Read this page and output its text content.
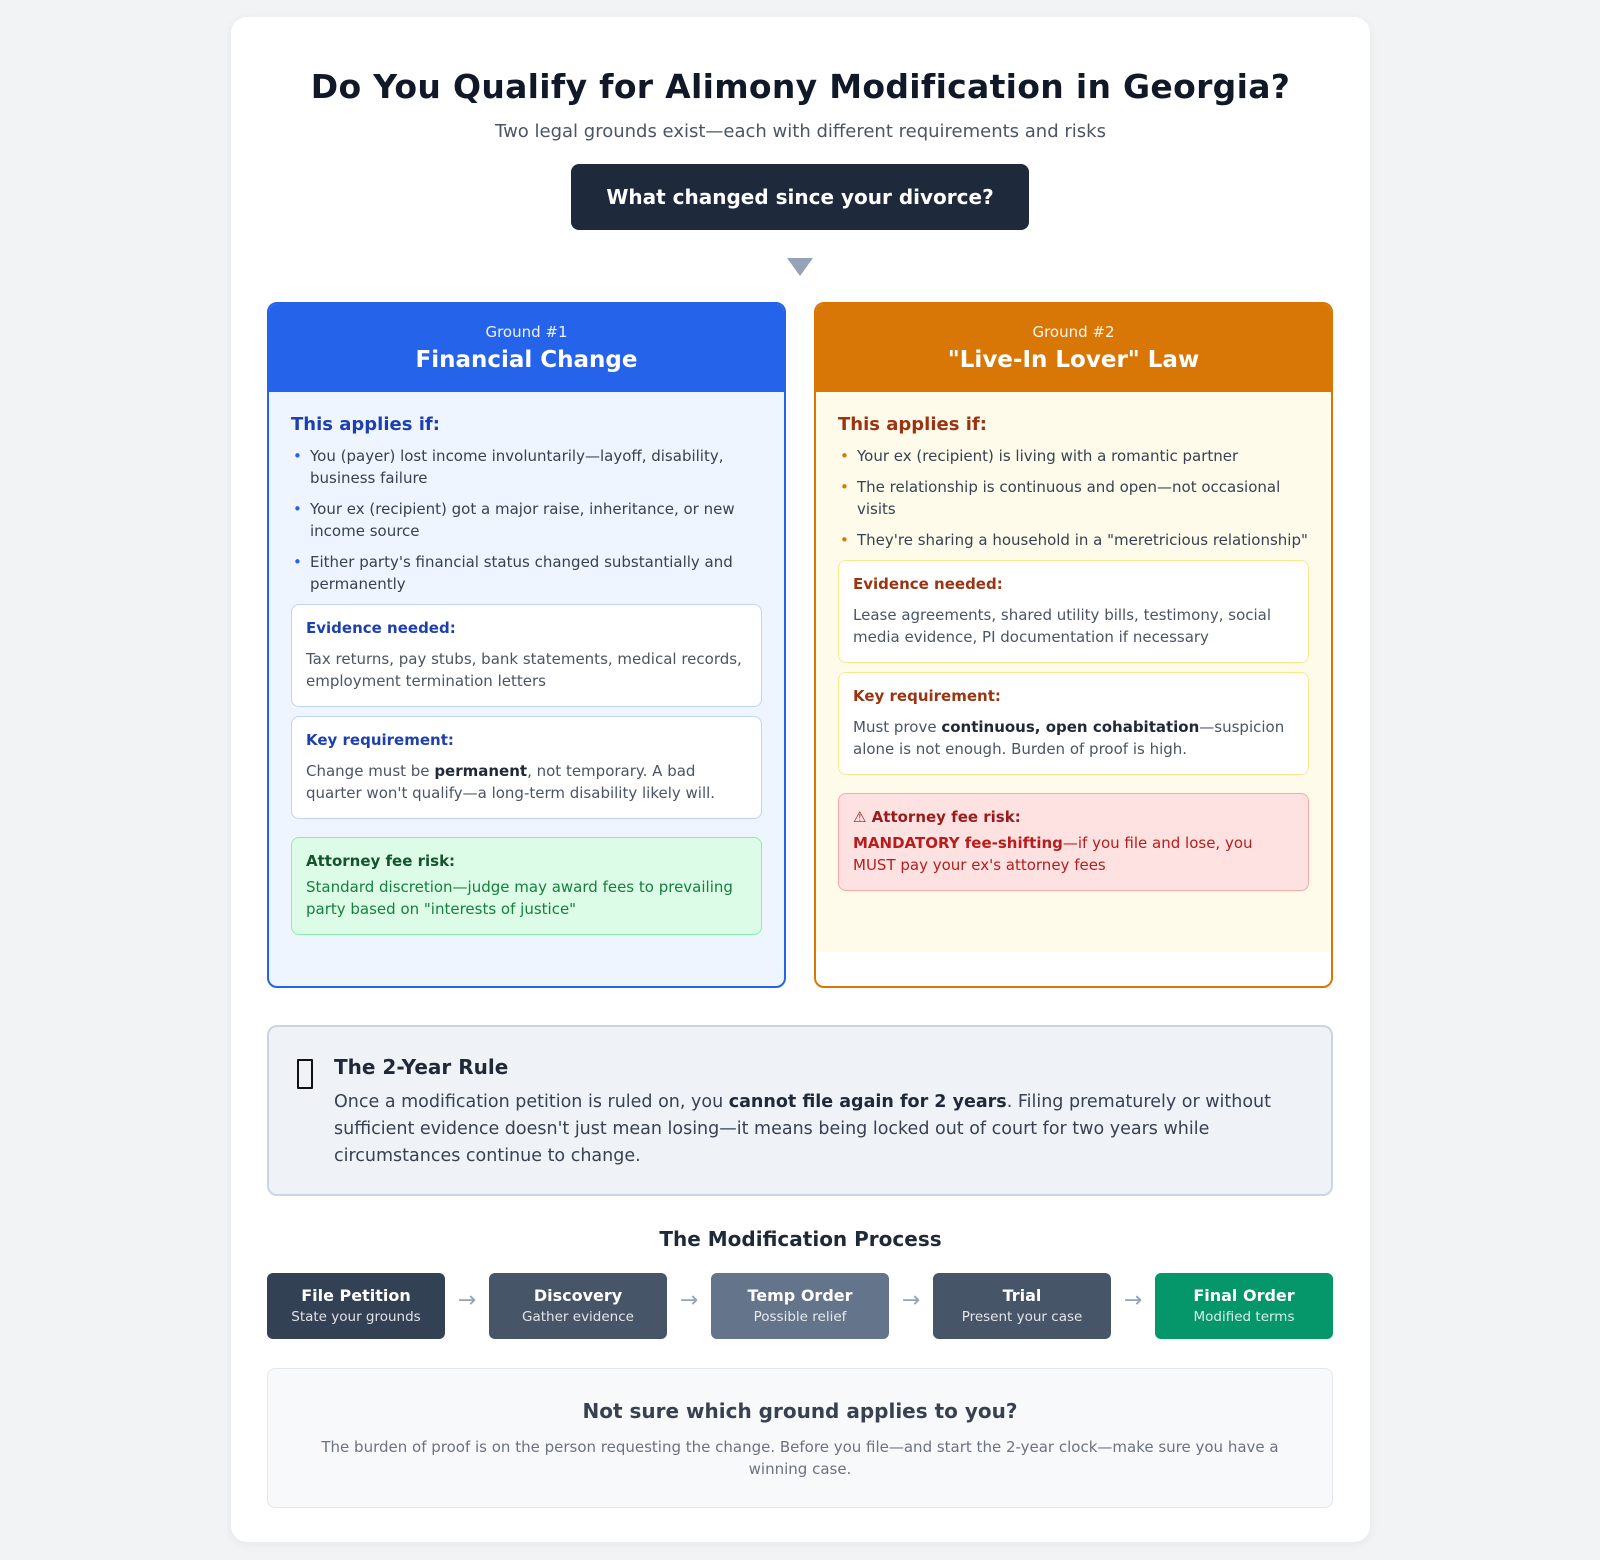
Do You Qualify for Alimony Modification in Georgia?
Two legal grounds exist—each with different requirements and risks
What changed since your divorce?
Ground #1
Financial Change
This applies if:
• You (payer) lost income involuntarily—layoff, disability, business failure
• Your ex (recipient) got a major raise, inheritance, or new income source
• Either party's financial status changed substantially and permanently
Evidence needed:
Tax returns, pay stubs, bank statements, medical records, employment termination letters
Key requirement:
Change must be permanent, not temporary. A bad quarter won't qualify—a long-term disability likely will.
Attorney fee risk:
Standard discretion—judge may award fees to prevailing party based on "interests of justice"
Ground #2
"Live-In Lover" Law
This applies if:
• Your ex (recipient) is living with a romantic partner
• The relationship is continuous and open—not occasional visits
• They're sharing a household in a "meretricious relationship"
Evidence needed:
Lease agreements, shared utility bills, testimony, social media evidence, PI documentation if necessary
Key requirement:
Must prove continuous, open cohabitation—suspicion alone is not enough. Burden of proof is high.
⚠ Attorney fee risk:
MANDATORY fee-shifting—if you file and lose, you MUST pay your ex's attorney fees
The 2-Year Rule
Once a modification petition is ruled on, you cannot file again for 2 years. Filing prematurely or without sufficient evidence doesn't just mean losing—it means being locked out of court for two years while circumstances continue to change.
The Modification Process
File Petition
State your grounds
→	Discovery
Gather evidence
→	Temp Order
Possible relief
→	Trial
Present your case
→	Final Order
Modified terms
Not sure which ground applies to you?
The burden of proof is on the person requesting the change. Before you file—and start the 2-year clock—make sure you have a winning case.
